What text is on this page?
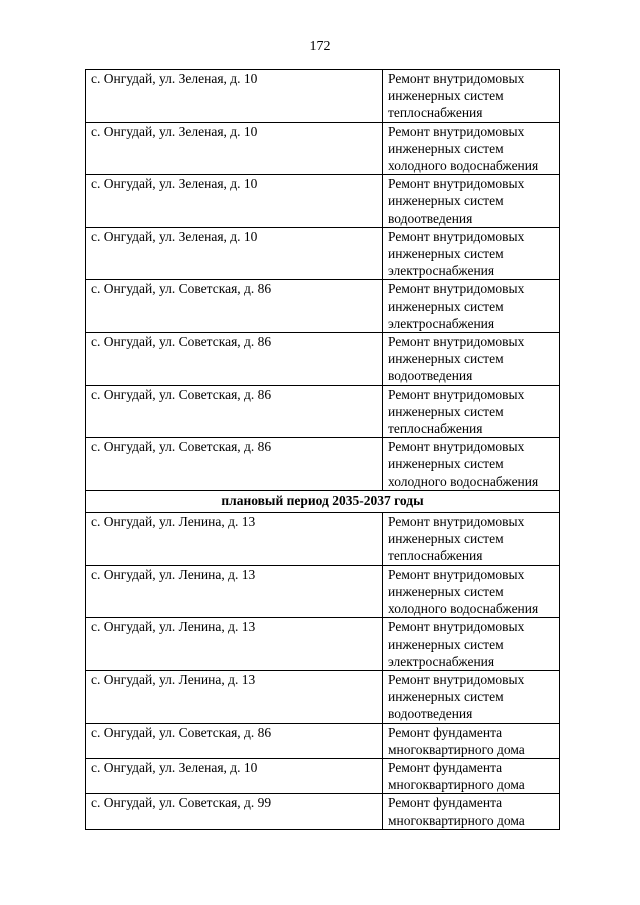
172
с. Онгудай, ул. Зеленая, д. 10	Ремонт внутридомовых
инженерных систем
теплоснабжения

с. Онгудай, ул. Зеленая, д. 10	Ремонт внутридомовых
инженерных систем
холодного водоснабжения

с. Онгудай, ул. Зеленая, д. 10	Ремонт внутридомовых
инженерных систем
водоотведения

с. Онгудай, ул. Зеленая, д. 10	Ремонт внутридомовых
инженерных систем
электроснабжения

с. Онгудай, ул. Советская, д. 86	Ремонт внутридомовых
инженерных систем
электроснабжения

с. Онгудай, ул. Советская, д. 86	Ремонт внутридомовых
инженерных систем
водоотведения

с. Онгудай, ул. Советская, д. 86	Ремонт внутридомовых
инженерных систем
теплоснабжения

с. Онгудай, ул. Советская, д. 86	Ремонт внутридомовых
инженерных систем
холодного водоснабжения

плановый период 2035-2037 годы	
с. Онгудай, ул. Ленина, д. 13	Ремонт внутридомовых
инженерных систем
теплоснабжения

с. Онгудай, ул. Ленина, д. 13	Ремонт внутридомовых
инженерных систем
холодного водоснабжения

с. Онгудай, ул. Ленина, д. 13	Ремонт внутридомовых
инженерных систем
электроснабжения

с. Онгудай, ул. Ленина, д. 13	Ремонт внутридомовых
инженерных систем
водоотведения

с. Онгудай, ул. Советская, д. 86	Ремонт фундамента
многоквартирного дома

с. Онгудай, ул. Зеленая, д. 10	Ремонт фундамента
многоквартирного дома

с. Онгудай, ул. Советская, д. 99	Ремонт фундамента
многоквартирного дома
